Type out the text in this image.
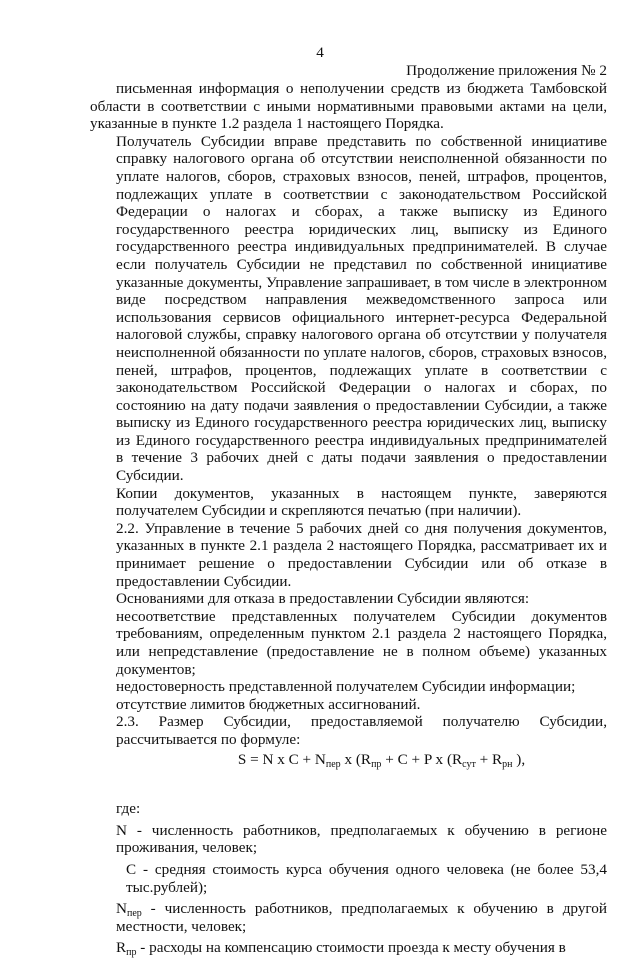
4
Продолжение приложения № 2

письменная информация о неполучении средств из бюджета Тамбовской области в соответствии с иными нормативными правовыми актами на цели, указанные в пункте 1.2 раздела 1 настоящего Порядка.

Получатель Субсидии вправе представить по собственной инициативе справку налогового органа об отсутствии неисполненной обязанности по уплате налогов, сборов, страховых взносов, пеней, штрафов, процентов, подлежащих уплате в соответствии с законодательством Российской Федерации о налогах и сборах, а также выписку из Единого государственного реестра юридических лиц, выписку из Единого государственного реестра индивидуальных предпринимателей. В случае если получатель Субсидии не представил по собственной инициативе указанные документы, Управление запрашивает, в том числе в электронном виде посредством направления межведомственного запроса или использования сервисов официального интернет-ресурса Федеральной налоговой службы, справку налогового органа об отсутствии у получателя неисполненной обязанности по уплате налогов, сборов, страховых взносов, пеней, штрафов, процентов, подлежащих уплате в соответствии с законодательством Российской Федерации о налогах и сборах, по состоянию на дату подачи заявления о предоставлении Субсидии, а также выписку из Единого государственного реестра юридических лиц, выписку из Единого государственного реестра индивидуальных предпринимателей в течение 3 рабочих дней с даты подачи заявления о предоставлении Субсидии.

Копии документов, указанных в настоящем пункте, заверяются получателем Субсидии и скрепляются печатью (при наличии).

2.2. Управление в течение 5 рабочих дней со дня получения документов, указанных в пункте 2.1 раздела 2 настоящего Порядка, рассматривает их и принимает решение о предоставлении Субсидии или об отказе в предоставлении Субсидии.

Основаниями для отказа в предоставлении Субсидии являются:

несоответствие представленных получателем Субсидии документов требованиям, определенным пунктом 2.1 раздела 2 настоящего Порядка, или непредставление (предоставление не в полном объеме) указанных документов;

недостоверность представленной получателем Субсидии информации;

отсутствие лимитов бюджетных ассигнований.

2.3. Размер Субсидии, предоставляемой получателю Субсидии, рассчитывается по формуле:

S = N x $C + N_{пер}$ x ($R_{пр} + C + P$ x ($R_{сут} + R_{рн}$ ),

где:

N - численность работников, предполагаемых к обучению в регионе проживания, человек;

C - средняя стоимость курса обучения одного человека (не более 53,4 тыс.рублей);

$N_{пер}$ - численность работников, предполагаемых к обучению в другой местности, человек;

$R_{пр}$ - расходы на компенсацию стоимости проезда к месту обучения в
